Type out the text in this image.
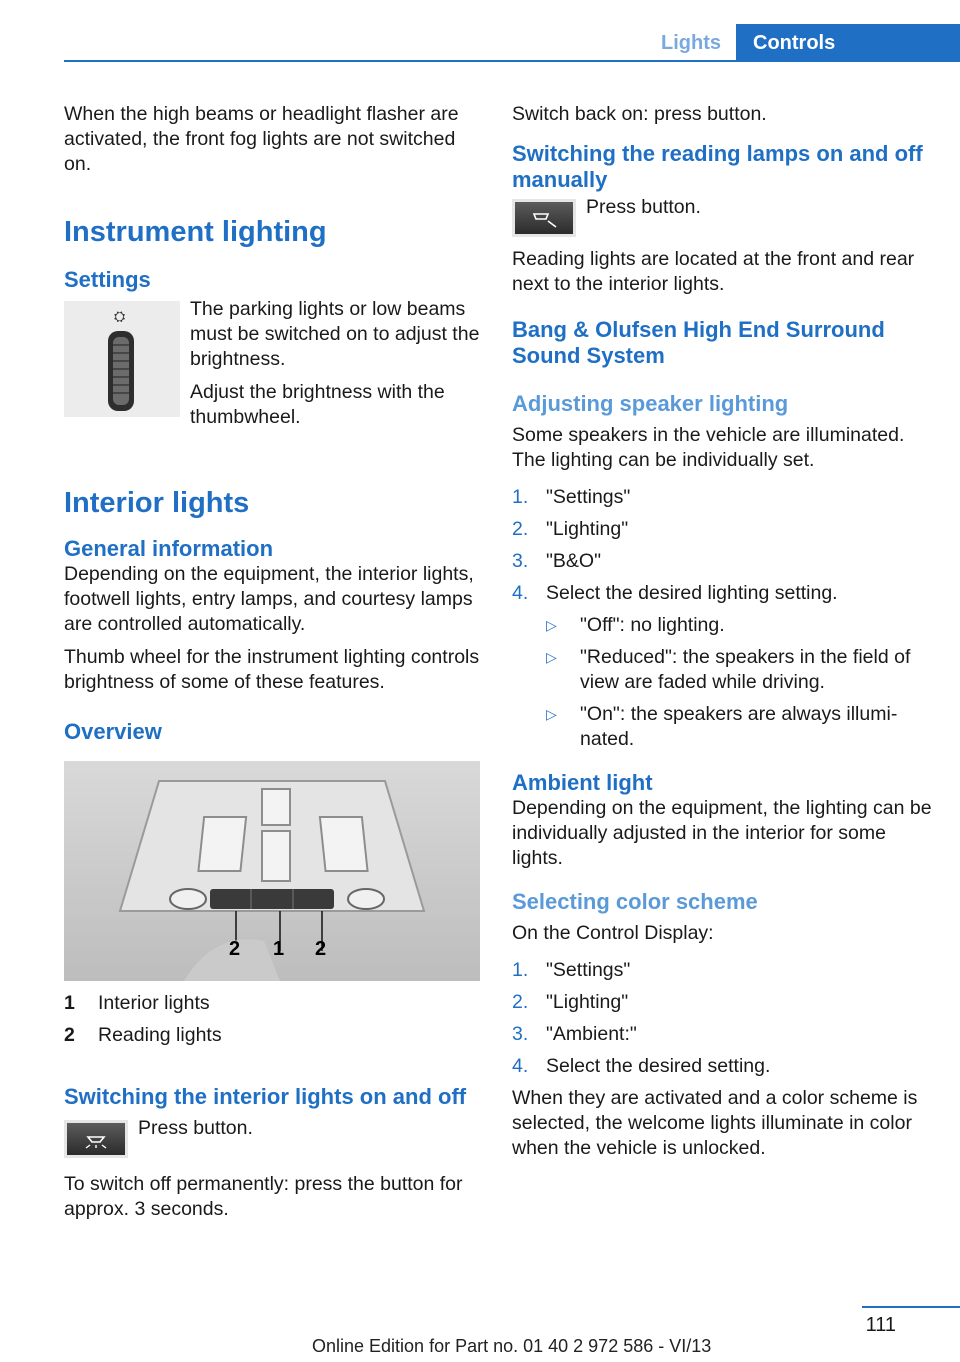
Lights	Controls

When the high beams or headlight flasher are activated, the front fog lights are not switched on.

Instrument lighting
Settings
⛭	The parking lights or low beams must be switched on to adjust the brightness.

Adjust the brightness with the thumbwheel.

Interior lights
General information

Depending on the equipment, the interior lights, footwell lights, entry lamps, and courtesy lamps are controlled automatically.

Thumb wheel for the instrument lighting controls brightness of some of these features.

Overview
2 1 2
1	Interior lights
2	Reading lights
Switching the interior lights on and off

Press button.

To switch off permanently: press the button for approx. 3 seconds.

Switch back on: press button.

Switching the reading lamps on and off manually

Press button.

Reading lights are located at the front and rear next to the interior lights.

Bang & Olufsen High End Surround Sound System
Adjusting speaker lighting

Some speakers in the vehicle are illuminated. The lighting can be individually set.

1. "Settings"
2. "Lighting"
3. "B&O"
4. Select the desired lighting setting.
▷	"Off": no lighting.
▷	"Reduced": the speakers in the field of view are faded while driving.
▷	"On": the speakers are always illuminated.
Ambient light

Depending on the equipment, the lighting can be individually adjusted in the interior for some lights.

Selecting color scheme

On the Control Display:

1. "Settings"
2. "Lighting"
3. "Ambient:"
4. Select the desired setting.

When they are activated and a color scheme is selected, the welcome lights illuminate in color when the vehicle is unlocked.

111
Online Edition for Part no. 01 40 2 972 586 - VI/13
